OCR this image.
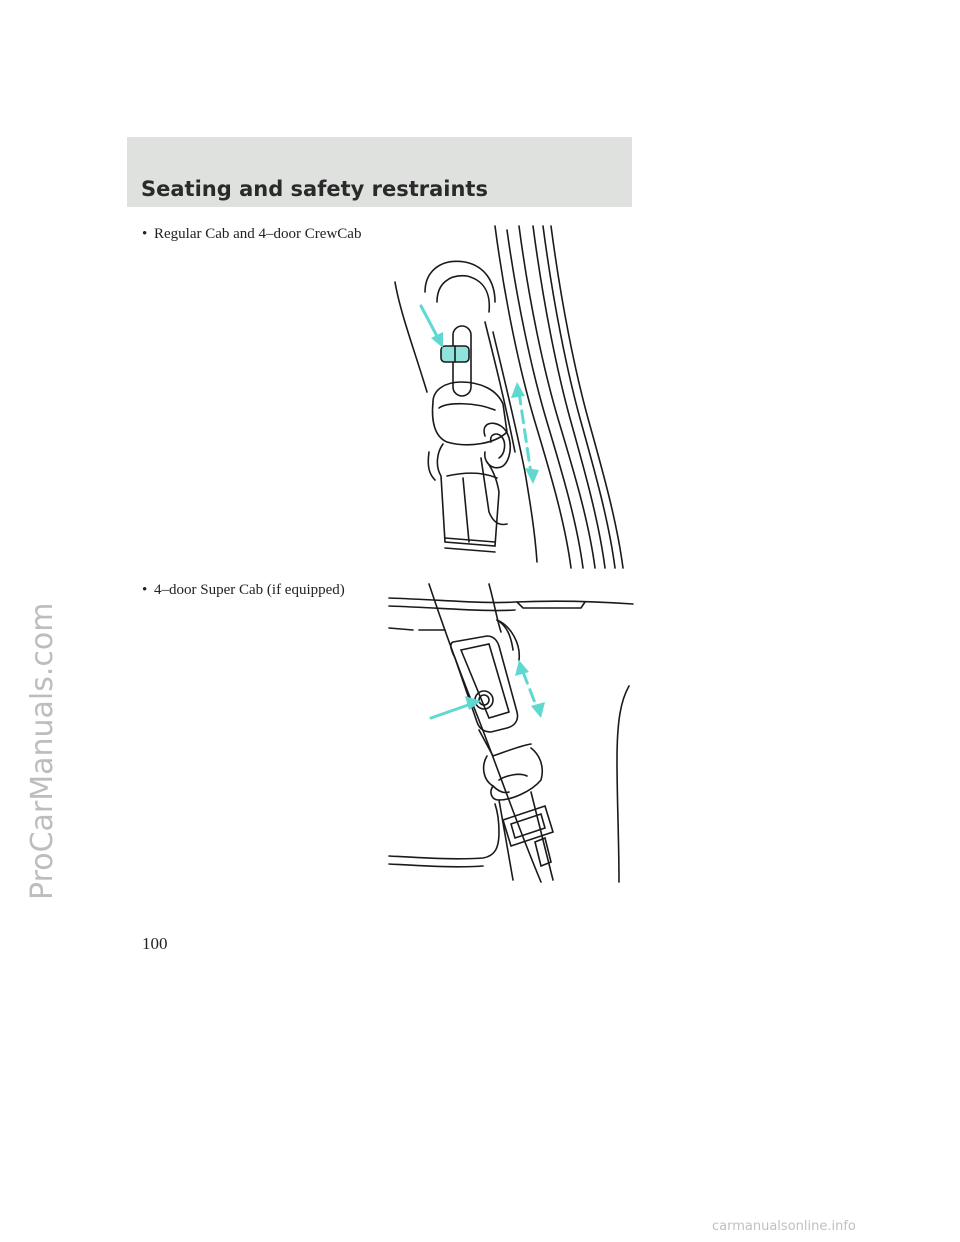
Seating and safety restraints
• Regular Cab and 4–door CrewCab
• 4–door Super Cab (if equipped)
100
ProCarManuals.com
carmanualsonline.info
